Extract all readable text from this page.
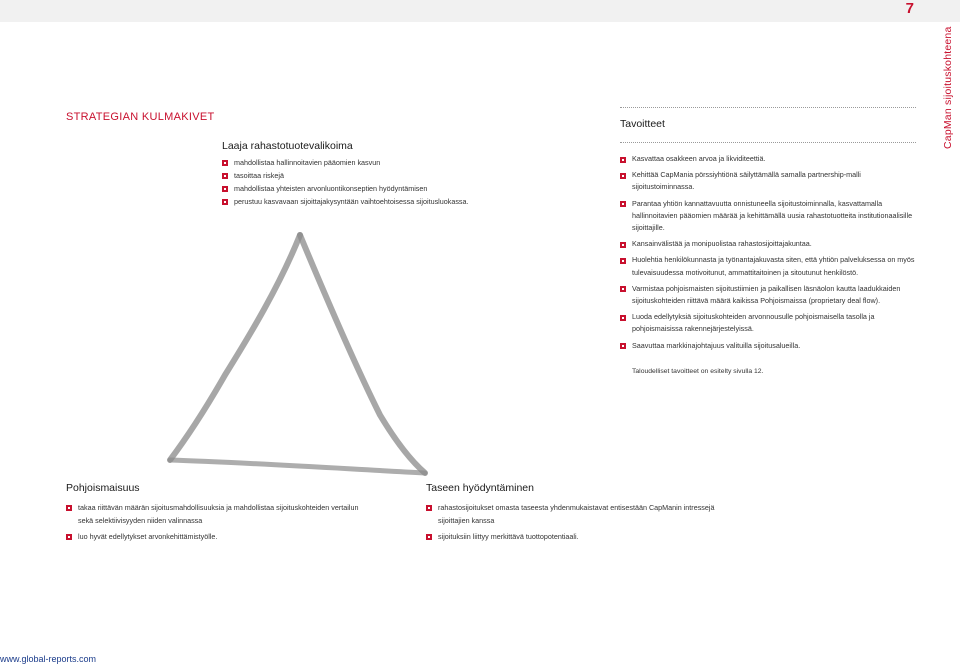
7
CapMan sijoituskohteena
STRATEGIAN KULMAKIVET
Laaja rahastotuotevalikoima
mahdollistaa hallinnoitavien pääomien kasvun
tasoittaa riskejä
mahdollistaa yhteisten arvonluontikonseptien hyödyntämisen
perustuu kasvavaan sijoittajakysyntään vaihtoehtoisessa sijoitusluokassa.
Tavoitteet
Kasvattaa osakkeen arvoa ja likviditeettiä.
Kehittää CapMania pörssiyhtiönä säilyttämällä samalla partnership-malli sijoitustoiminnassa.
Parantaa yhtiön kannattavuutta onnistuneella sijoitustoiminnalla, kasvattamalla hallinnoitavien pääomien määrää ja kehittämällä uusia rahastotuotteita institutionaalisille sijoittajille.
Kansainvälistää ja monipuolistaa rahastosijoittajakuntaa.
Huolehtia henkilökunnasta ja työnantajakuvasta siten, että yhtiön palveluksessa on myös tulevaisuudessa motivoitunut, ammattitaitoinen ja sitoutunut henkilöstö.
Varmistaa pohjoismaisten sijoitustiimien ja paikallisen läsnäolon kautta laadukkaiden sijoituskohteiden riittävä määrä kaikissa Pohjoismaissa (proprietary deal flow).
Luoda edellytyksiä sijoituskohteiden arvonnousulle pohjoismaisella tasolla ja pohjoismaisissa rakennejärjestelyissä.
Saavuttaa markkinajohtajuus valituilla sijoitusalueilla.
Taloudelliset tavoitteet on esitelty sivulla 12.
Pohjoismaisuus
takaa riittävän määrän sijoitusmahdollisuuksia ja mahdollistaa sijoituskohteiden vertailun sekä selektiivisyyden niiden valinnassa
luo hyvät edellytykset arvonkehittämistyölle.
Taseen hyödyntäminen
rahastosijoitukset omasta taseesta yhdenmukaistavat entisestään CapManin intressejä sijoittajien kanssa
sijoituksiin liittyy merkittävä tuottopotentiaali.
www.global-reports.com
